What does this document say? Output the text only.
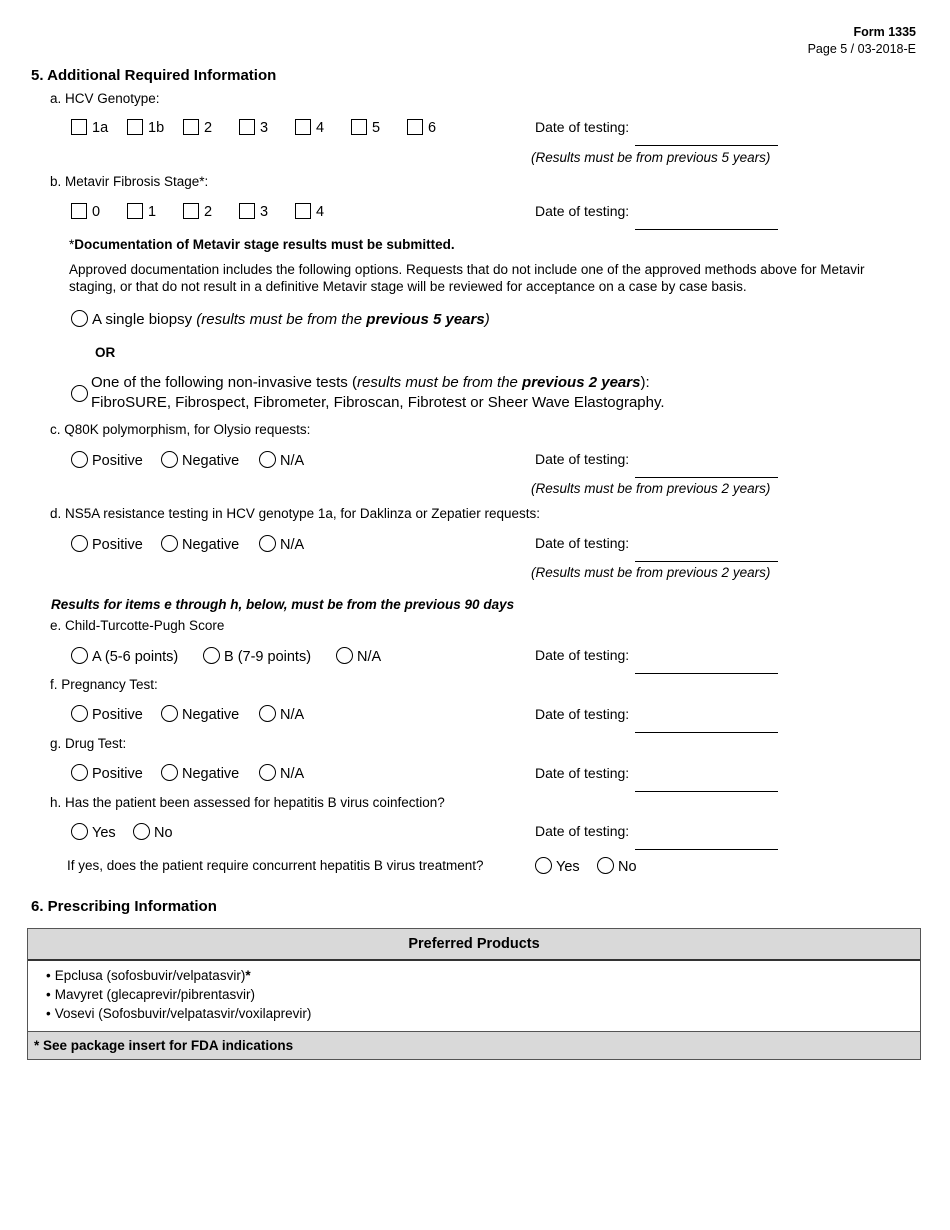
Form 1335
Page 5 / 03-2018-E
5. Additional Required Information
a. HCV Genotype:
1a	1b	2	3	4	5	6	Date of testing:
(Results must be from previous 5 years)
b. Metavir Fibrosis Stage*:
0	1	2	3	4	Date of testing:
*Documentation of Metavir stage results must be submitted.
Approved documentation includes the following options. Requests that do not include one of the approved methods above for Metavir staging, or that do not result in a definitive Metavir stage will be reviewed for acceptance on a case by case basis.
A single biopsy (results must be from the previous 5 years)
OR
One of the following non-invasive tests (results must be from the previous 2 years):
FibroSURE, Fibrospect, Fibrometer, Fibroscan, Fibrotest or Sheer Wave Elastography.
c. Q80K polymorphism, for Olysio requests:
Positive	Negative	N/A	Date of testing:
(Results must be from previous 2 years)
d. NS5A resistance testing in HCV genotype 1a, for Daklinza or Zepatier requests:
Positive	Negative	N/A	Date of testing:
(Results must be from previous 2 years)
Results for items e through h, below, must be from the previous 90 days
e. Child-Turcotte-Pugh Score
A (5-6 points)	B (7-9 points)	N/A	Date of testing:
f. Pregnancy Test:
Positive	Negative	N/A	Date of testing:
g. Drug Test:
Positive	Negative	N/A	Date of testing:
h. Has the patient been assessed for hepatitis B virus coinfection?
Yes	No	Date of testing:
If yes, does the patient require concurrent hepatitis B virus treatment?	Yes	No
6. Prescribing Information
Preferred Products
• Epclusa (sofosbuvir/velpatasvir)*
• Mavyret (glecaprevir/pibrentasvir)
• Vosevi (Sofosbuvir/velpatasvir/voxilaprevir)
* See package insert for FDA indications
